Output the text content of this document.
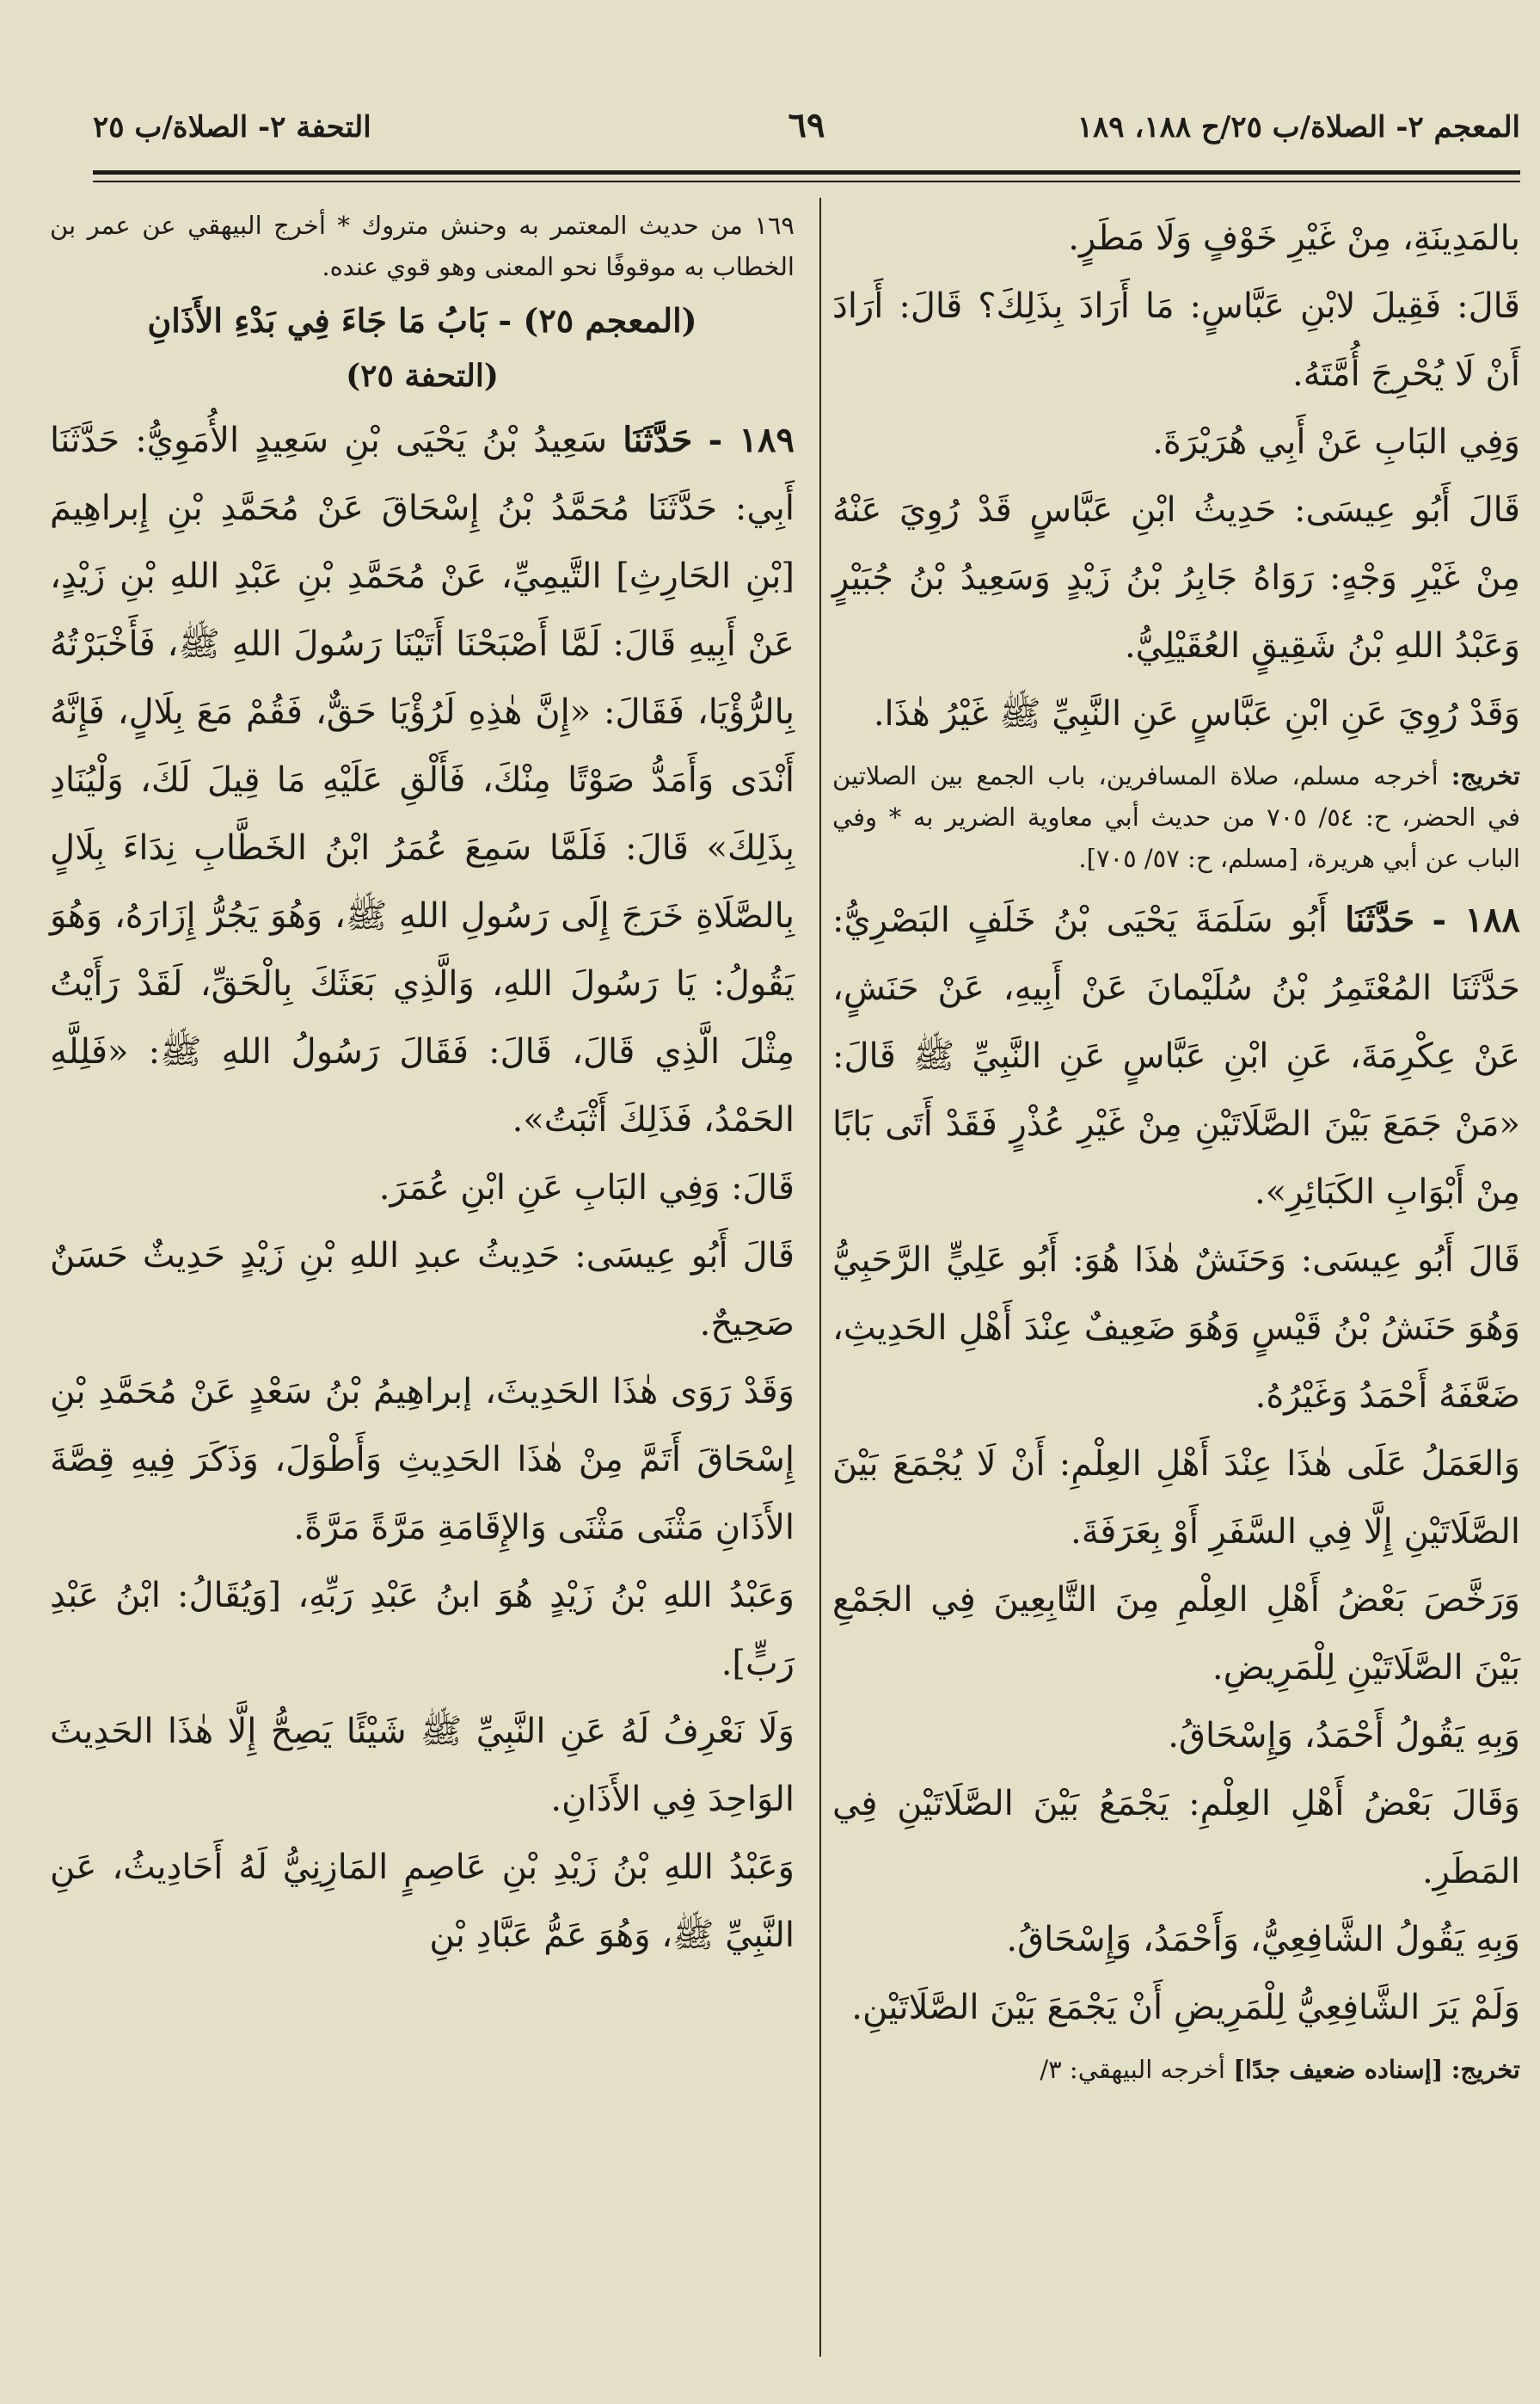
المعجم ٢- الصلاة/ب ٢٥/ح ١٨٨، ١٨٩
٦٩
التحفة ٢- الصلاة/ب ٢٥

بالمَدِينَةِ، مِنْ غَيْرِ خَوْفٍ وَلَا مَطَرٍ.

قَالَ: فَقِيلَ لابْنِ عَبَّاسٍ: مَا أَرَادَ بِذَلِكَ؟ قَالَ: أَرَادَ أَنْ لَا يُحْرِجَ أُمَّتَهُ.

وَفِي البَابِ عَنْ أَبِي هُرَيْرَةَ.

قَالَ أَبُو عِيسَى: حَدِيثُ ابْنِ عَبَّاسٍ قَدْ رُوِيَ عَنْهُ مِنْ غَيْرِ وَجْهٍ: رَوَاهُ جَابِرُ بْنُ زَيْدٍ وَسَعِيدُ بْنُ جُبَيْرٍ وَعَبْدُ اللهِ بْنُ شَقِيقٍ العُقَيْلِيُّ.

وَقَدْ رُوِيَ عَنِ ابْنِ عَبَّاسٍ عَنِ النَّبِيِّ ﷺ غَيْرُ هٰذَا.

تخريج: أخرجه مسلم، صلاة المسافرين، باب الجمع بين الصلاتين في الحضر، ح: ٥٤/ ٧٠٥ من حديث أبي معاوية الضرير به * وفي الباب عن أبي هريرة، [مسلم، ح: ٥٧/ ٧٠٥].

١٨٨ - حَدَّثَنَا أَبُو سَلَمَةَ يَحْيَى بْنُ خَلَفٍ البَصْرِيُّ: حَدَّثَنَا المُعْتَمِرُ بْنُ سُلَيْمانَ عَنْ أَبِيهِ، عَنْ حَنَشٍ، عَنْ عِكْرِمَةَ، عَنِ ابْنِ عَبَّاسٍ عَنِ النَّبِيِّ ﷺ قَالَ: «مَنْ جَمَعَ بَيْنَ الصَّلَاتَيْنِ مِنْ غَيْرِ عُذْرٍ فَقَدْ أَتَى بَابًا مِنْ أَبْوَابِ الكَبَائِرِ».

قَالَ أَبُو عِيسَى: وَحَنَشٌ هٰذَا هُوَ: أَبُو عَلِيٍّ الرَّحَبِيُّ وَهُوَ حَنَشُ بْنُ قَيْسٍ وَهُوَ ضَعِيفٌ عِنْدَ أَهْلِ الحَدِيثِ، ضَعَّفَهُ أَحْمَدُ وَغَيْرُهُ.

وَالعَمَلُ عَلَى هٰذَا عِنْدَ أَهْلِ العِلْمِ: أَنْ لَا يُجْمَعَ بَيْنَ الصَّلَاتَيْنِ إِلَّا فِي السَّفَرِ أَوْ بِعَرَفَةَ.

وَرَخَّصَ بَعْضُ أَهْلِ العِلْمِ مِنَ التَّابِعِينَ فِي الجَمْعِ بَيْنَ الصَّلَاتَيْنِ لِلْمَرِيضِ.

وَبِهِ يَقُولُ أَحْمَدُ، وَإِسْحَاقُ.

وَقَالَ بَعْضُ أَهْلِ العِلْمِ: يَجْمَعُ بَيْنَ الصَّلَاتَيْنِ فِي المَطَرِ.

وَبِهِ يَقُولُ الشَّافِعِيُّ، وَأَحْمَدُ، وَإِسْحَاقُ.

وَلَمْ يَرَ الشَّافِعِيُّ لِلْمَرِيضِ أَنْ يَجْمَعَ بَيْنَ الصَّلَاتَيْنِ.

تخريج: [إسناده ضعيف جدًا] أخرجه البيهقي: ٣/

١٦٩ من حديث المعتمر به وحنش متروك * أخرج البيهقي عن عمر بن الخطاب به موقوفًا نحو المعنى وهو قوي عنده.

(المعجم ٢٥) - بَابُ مَا جَاءَ فِي بَدْءِ الأَذَانِ

(التحفة ٢٥)

١٨٩ - حَدَّثَنَا سَعِيدُ بْنُ يَحْيَى بْنِ سَعِيدٍ الأُمَوِيُّ: حَدَّثَنَا أَبِي: حَدَّثَنَا مُحَمَّدُ بْنُ إِسْحَاقَ عَنْ مُحَمَّدِ بْنِ إِبراهِيمَ [بْنِ الحَارِثِ] التَّيمِيِّ، عَنْ مُحَمَّدِ بْنِ عَبْدِ اللهِ بْنِ زَيْدٍ، عَنْ أَبِيهِ قَالَ: لَمَّا أَصْبَحْنَا أَتَيْنَا رَسُولَ اللهِ ﷺ، فَأَخْبَرْتُهُ بِالرُّؤْيَا، فَقَالَ: «إِنَّ هٰذِهِ لَرُؤْيَا حَقٌّ، فَقُمْ مَعَ بِلَالٍ، فَإِنَّهُ أَنْدَى وَأَمَدُّ صَوْتًا مِنْكَ، فَأَلْقِ عَلَيْهِ مَا قِيلَ لَكَ، وَلْيُنَادِ بِذَلِكَ» قَالَ: فَلَمَّا سَمِعَ عُمَرُ ابْنُ الخَطَّابِ نِدَاءَ بِلَالٍ بِالصَّلَاةِ خَرَجَ إِلَى رَسُولِ اللهِ ﷺ، وَهُوَ يَجُرُّ إِزَارَهُ، وَهُوَ يَقُولُ: يَا رَسُولَ اللهِ، وَالَّذِي بَعَثَكَ بِالْحَقِّ، لَقَدْ رَأَيْتُ مِثْلَ الَّذِي قَالَ، قَالَ: فَقَالَ رَسُولُ اللهِ ﷺ: «فَلِلَّهِ الحَمْدُ، فَذَلِكَ أَثْبَتُ».

قَالَ: وَفِي البَابِ عَنِ ابْنِ عُمَرَ.

قَالَ أَبُو عِيسَى: حَدِيثُ عبدِ اللهِ بْنِ زَيْدٍ حَدِيثٌ حَسَنٌ صَحِيحٌ.

وَقَدْ رَوَى هٰذَا الحَدِيثَ، إبراهِيمُ بْنُ سَعْدٍ عَنْ مُحَمَّدِ بْنِ إِسْحَاقَ أَتَمَّ مِنْ هٰذَا الحَدِيثِ وَأَطْوَلَ، وَذَكَرَ فِيهِ قِصَّةَ الأَذَانِ مَثْنَى مَثْنَى وَالإِقَامَةِ مَرَّةً مَرَّةً.

وَعَبْدُ اللهِ بْنُ زَيْدٍ هُوَ ابنُ عَبْدِ رَبِّهِ، [وَيُقَالُ: ابْنُ عَبْدِ رَبٍّ].

وَلَا نَعْرِفُ لَهُ عَنِ النَّبِيِّ ﷺ شَيْئًا يَصِحُّ إِلَّا هٰذَا الحَدِيثَ الوَاحِدَ فِي الأَذَانِ.

وَعَبْدُ اللهِ بْنُ زَيْدِ بْنِ عَاصِمٍ المَازِنِيُّ لَهُ أَحَادِيثُ، عَنِ النَّبِيِّ ﷺ، وَهُوَ عَمُّ عَبَّادِ بْنِ
